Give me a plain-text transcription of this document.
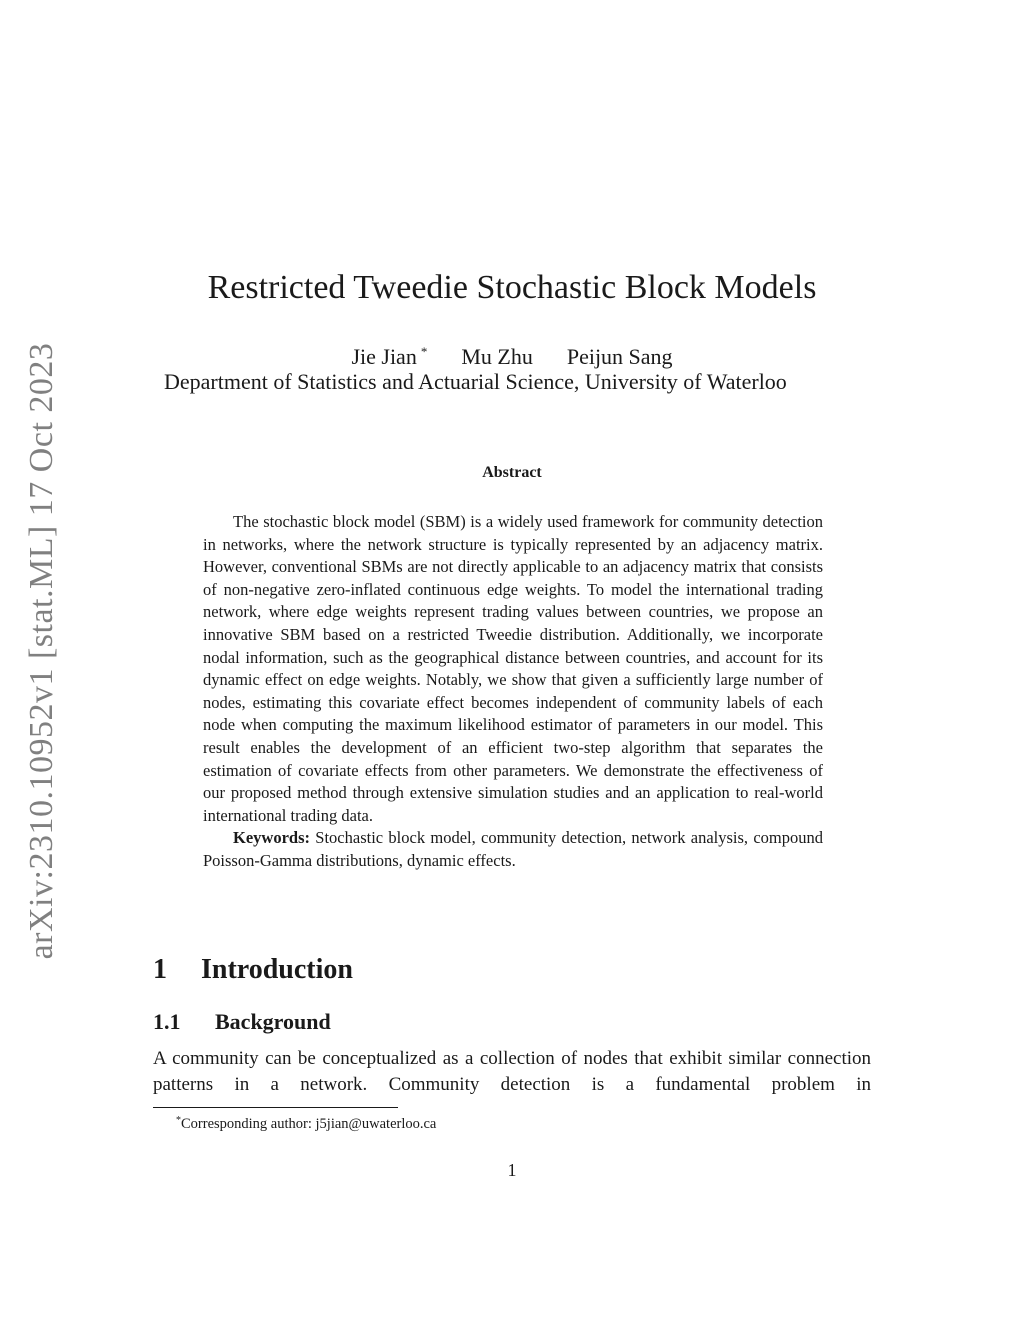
arXiv:2310.10952v1 [stat.ML] 17 Oct 2023
Restricted Tweedie Stochastic Block Models
Jie Jian * Mu Zhu Peijun Sang
Department of Statistics and Actuarial Science, University of Waterloo
Abstract

The stochastic block model (SBM) is a widely used framework for community detection in networks, where the network structure is typically represented by an adjacency matrix. However, conventional SBMs are not directly applicable to an adjacency matrix that consists of non-negative zero-inflated continuous edge weights. To model the international trading network, where edge weights represent trading values between countries, we propose an innovative SBM based on a restricted Tweedie distribution. Additionally, we incorporate nodal information, such as the geographical distance between countries, and account for its dynamic effect on edge weights. Notably, we show that given a sufficiently large number of nodes, estimating this covariate effect becomes independent of community labels of each node when computing the maximum likelihood estimator of parameters in our model. This result enables the development of an efficient two-step algorithm that separates the estimation of covariate effects from other parameters. We demonstrate the effectiveness of our proposed method through extensive simulation studies and an application to real-world international trading data.

Keywords: Stochastic block model, community detection, network analysis, compound Poisson-Gamma distributions, dynamic effects.

1 Introduction
1.1 Background
A community can be conceptualized as a collection of nodes that exhibit similar connection patterns in a network. Community detection is a fundamental problem in
*Corresponding author: j5jian@uwaterloo.ca
1
